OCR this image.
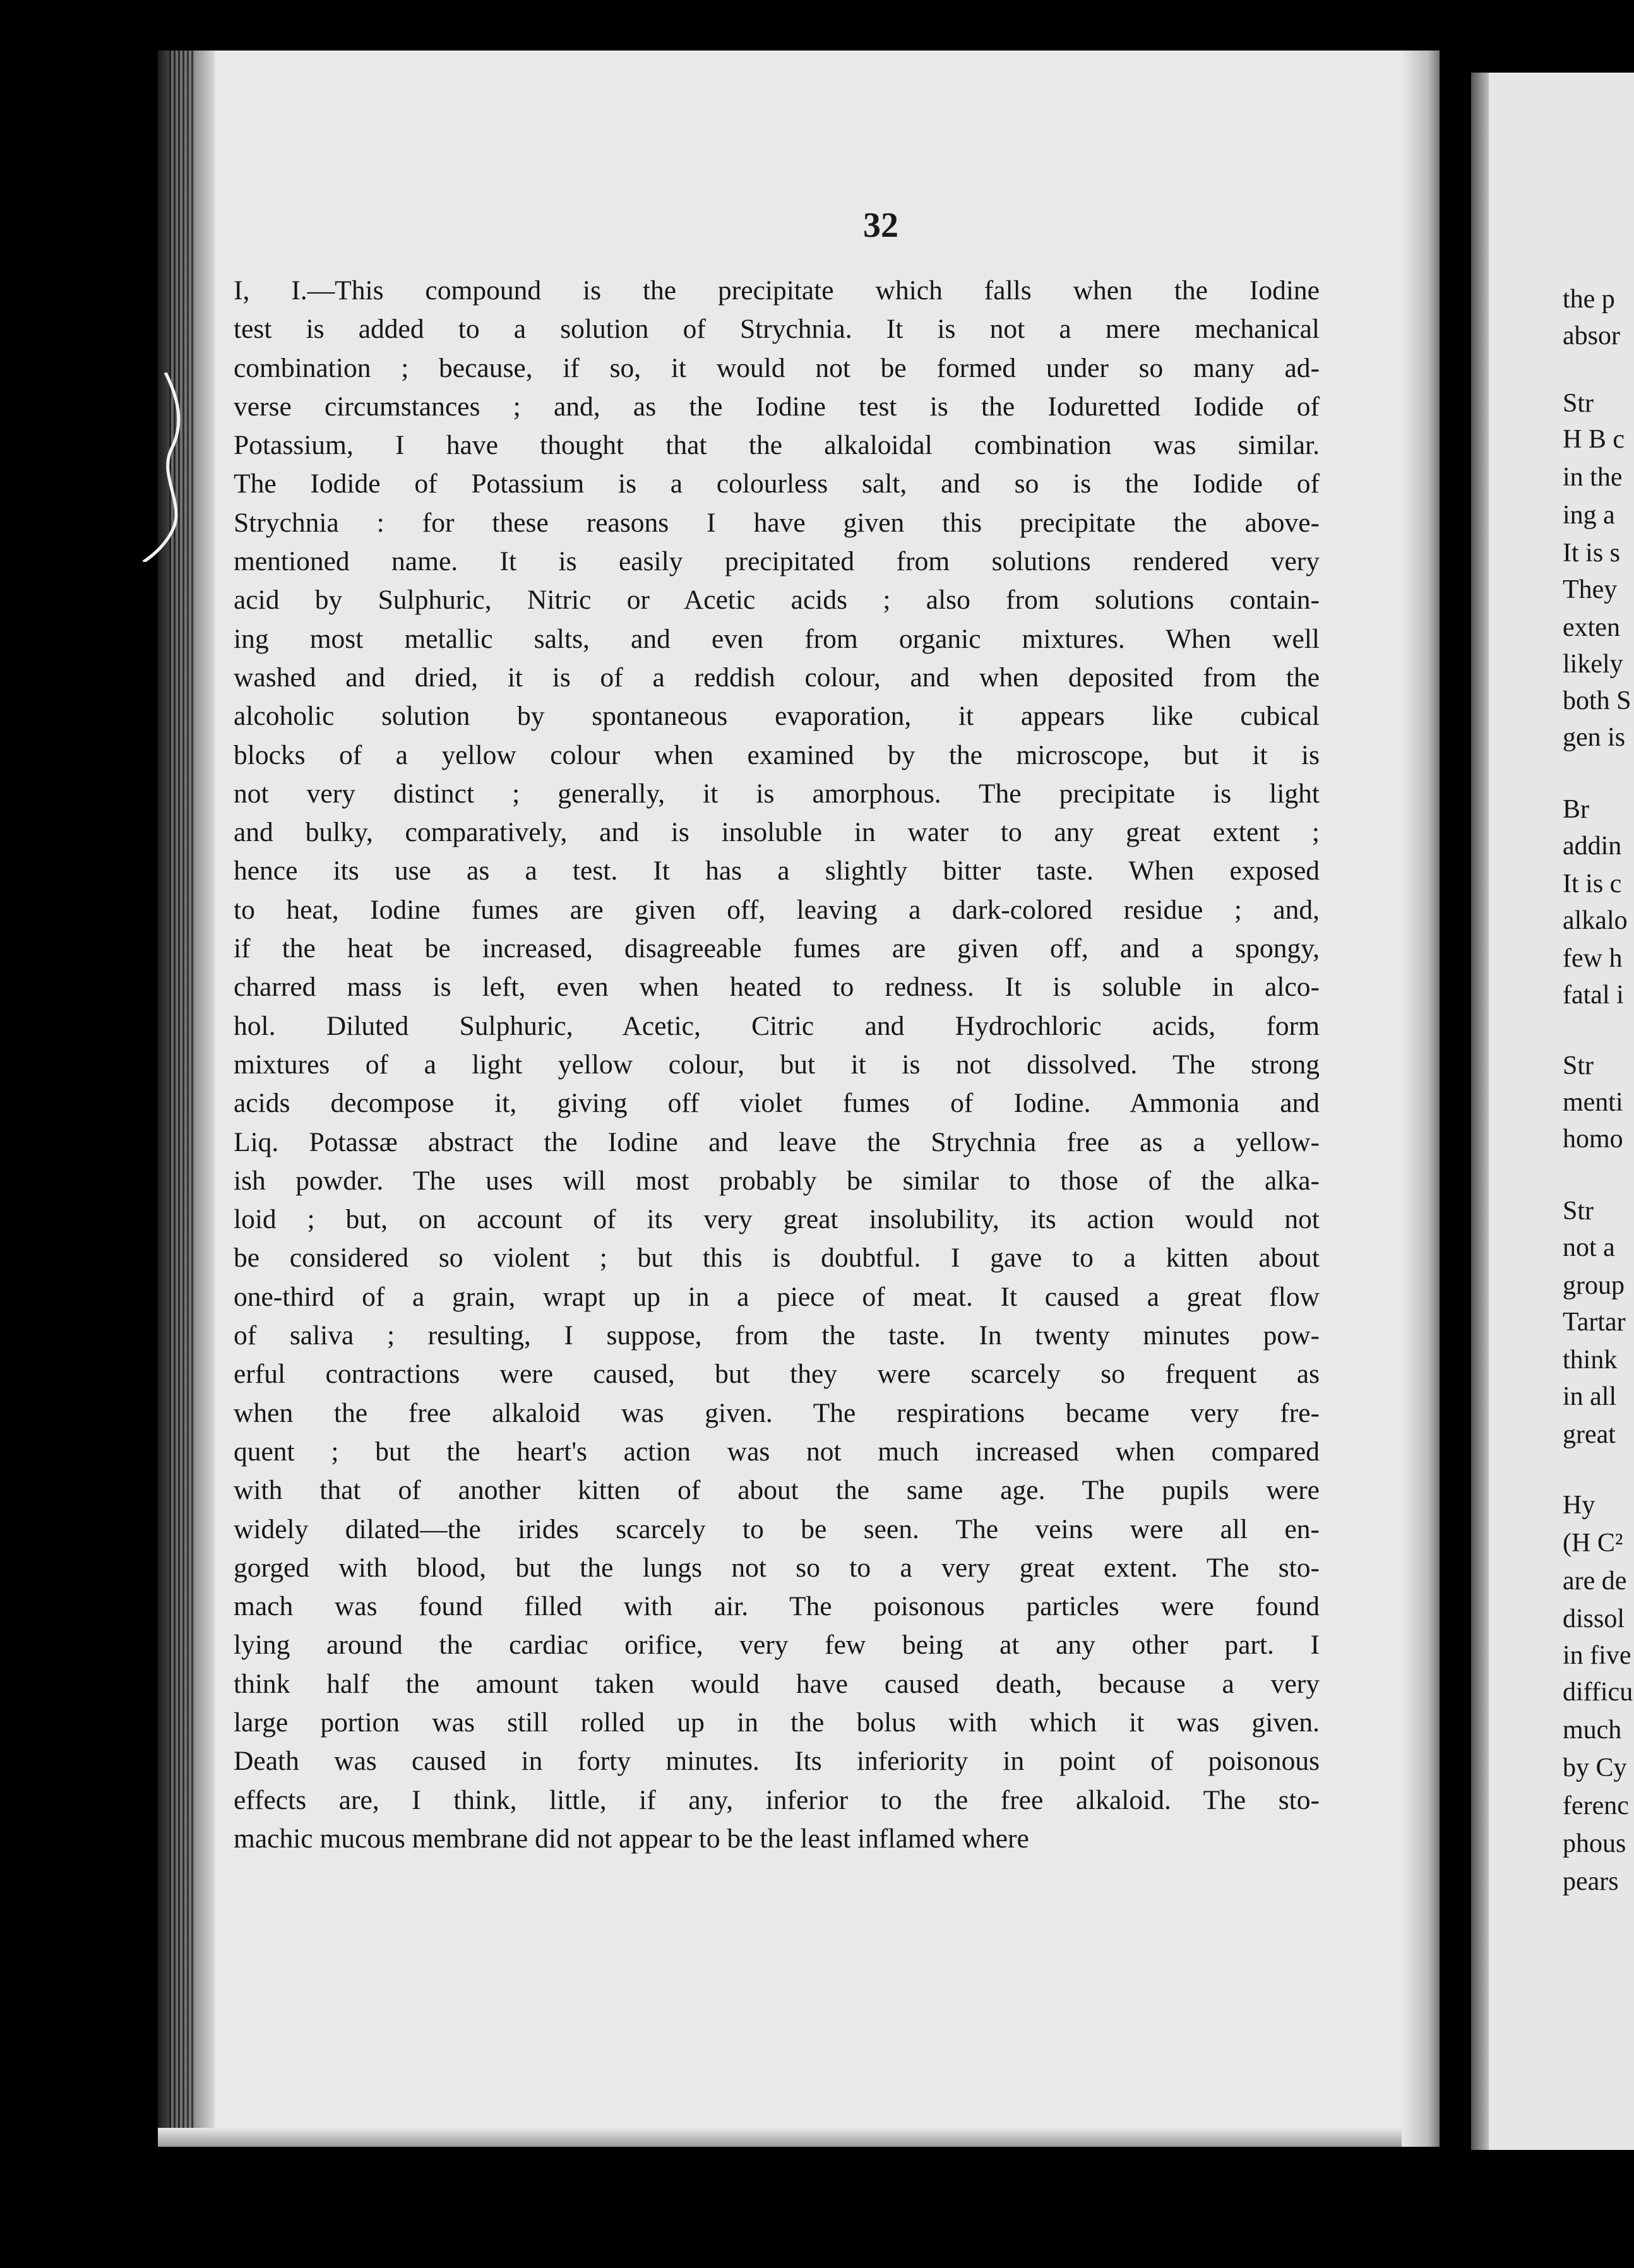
32
I, I.—This compound is the precipitate which falls when the Iodine
test is added to a solution of Strychnia. It is not a mere mechanical
combination ; because, if so, it would not be formed under so many ad-
verse circumstances ; and, as the Iodine test is the Ioduretted Iodide of
Potassium, I have thought that the alkaloidal combination was similar.
The Iodide of Potassium is a colourless salt, and so is the Iodide of
Strychnia : for these reasons I have given this precipitate the above-
mentioned name. It is easily precipitated from solutions rendered very
acid by Sulphuric, Nitric or Acetic acids ; also from solutions contain-
ing most metallic salts, and even from organic mixtures. When well
washed and dried, it is of a reddish colour, and when deposited from the
alcoholic solution by spontaneous evaporation, it appears like cubical
blocks of a yellow colour when examined by the microscope, but it is
not very distinct ; generally, it is amorphous. The precipitate is light
and bulky, comparatively, and is insoluble in water to any great extent ;
hence its use as a test. It has a slightly bitter taste. When exposed
to heat, Iodine fumes are given off, leaving a dark-colored residue ; and,
if the heat be increased, disagreeable fumes are given off, and a spongy,
charred mass is left, even when heated to redness. It is soluble in alco-
hol. Diluted Sulphuric, Acetic, Citric and Hydrochloric acids, form
mixtures of a light yellow colour, but it is not dissolved. The strong
acids decompose it, giving off violet fumes of Iodine. Ammonia and
Liq. Potassæ abstract the Iodine and leave the Strychnia free as a yellow-
ish powder. The uses will most probably be similar to those of the alka-
loid ; but, on account of its very great insolubility, its action would not
be considered so violent ; but this is doubtful. I gave to a kitten about
one-third of a grain, wrapt up in a piece of meat. It caused a great flow
of saliva ; resulting, I suppose, from the taste. In twenty minutes pow-
erful contractions were caused, but they were scarcely so frequent as
when the free alkaloid was given. The respirations became very fre-
quent ; but the heart's action was not much increased when compared
with that of another kitten of about the same age. The pupils were
widely dilated—the irides scarcely to be seen. The veins were all en-
gorged with blood, but the lungs not so to a very great extent. The sto-
mach was found filled with air. The poisonous particles were found
lying around the cardiac orifice, very few being at any other part. I
think half the amount taken would have caused death, because a very
large portion was still rolled up in the bolus with which it was given.
Death was caused in forty minutes. Its inferiority in point of poisonous
effects are, I think, little, if any, inferior to the free alkaloid. The sto-
machic mucous membrane did not appear to be the least inflamed where
the p
absor
Str
H B c
in the
ing a
It is s
They
exten
likely
both S
gen is
Br
addin
It is c
alkalo
few h
fatal i
Str
menti
homo
Str
not a
group
Tartar
think
in all
great
Hy
(H C²
are de
dissol
in five
difficu
much
by Cy
ferenc
phous
pears
